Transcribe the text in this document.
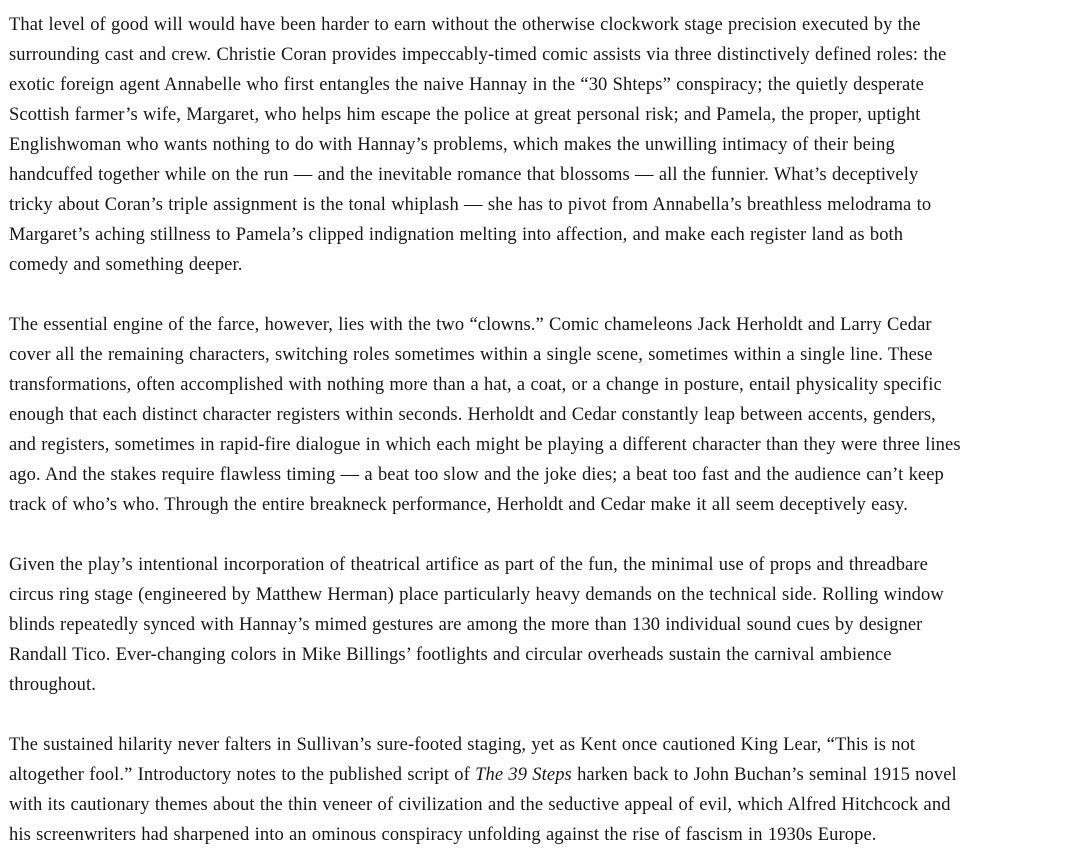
That level of good will would have been harder to earn without the otherwise clockwork stage precision executed by the surrounding cast and crew. Christie Coran provides impeccably-timed comic assists via three distinctively defined roles: the exotic foreign agent Annabelle who first entangles the naive Hannay in the “30 Shteps” conspiracy; the quietly desperate Scottish farmer’s wife, Margaret, who helps him escape the police at great personal risk; and Pamela, the proper, uptight Englishwoman who wants nothing to do with Hannay’s problems, which makes the unwilling intimacy of their being handcuffed together while on the run — and the inevitable romance that blossoms — all the funnier. What’s deceptively tricky about Coran’s triple assignment is the tonal whiplash — she has to pivot from Annabella’s breathless melodrama to Margaret’s aching stillness to Pamela’s clipped indignation melting into affection, and make each register land as both comedy and something deeper.

The essential engine of the farce, however, lies with the two “clowns.” Comic chameleons Jack Herholdt and Larry Cedar cover all the remaining characters, switching roles sometimes within a single scene, sometimes within a single line. These transformations, often accomplished with nothing more than a hat, a coat, or a change in posture, entail physicality specific enough that each distinct character registers within seconds. Herholdt and Cedar constantly leap between accents, genders, and registers, sometimes in rapid-fire dialogue in which each might be playing a different character than they were three lines ago. And the stakes require flawless timing — a beat too slow and the joke dies; a beat too fast and the audience can’t keep track of who’s who. Through the entire breakneck performance, Herholdt and Cedar make it all seem deceptively easy.

Given the play’s intentional incorporation of theatrical artifice as part of the fun, the minimal use of props and threadbare circus ring stage (engineered by Matthew Herman) place particularly heavy demands on the technical side. Rolling window blinds repeatedly synced with Hannay’s mimed gestures are among the more than 130 individual sound cues by designer Randall Tico. Ever-changing colors in Mike Billings’ footlights and circular overheads sustain the carnival ambience throughout.

The sustained hilarity never falters in Sullivan’s sure-footed staging, yet as Kent once cautioned King Lear, “This is not altogether fool.” Introductory notes to the published script of The 39 Steps harken back to John Buchan’s seminal 1915 novel with its cautionary themes about the thin veneer of civilization and the seductive appeal of evil, which Alfred Hitchcock and his screenwriters had sharpened into an ominous conspiracy unfolding against the rise of fascism in 1930s Europe.
